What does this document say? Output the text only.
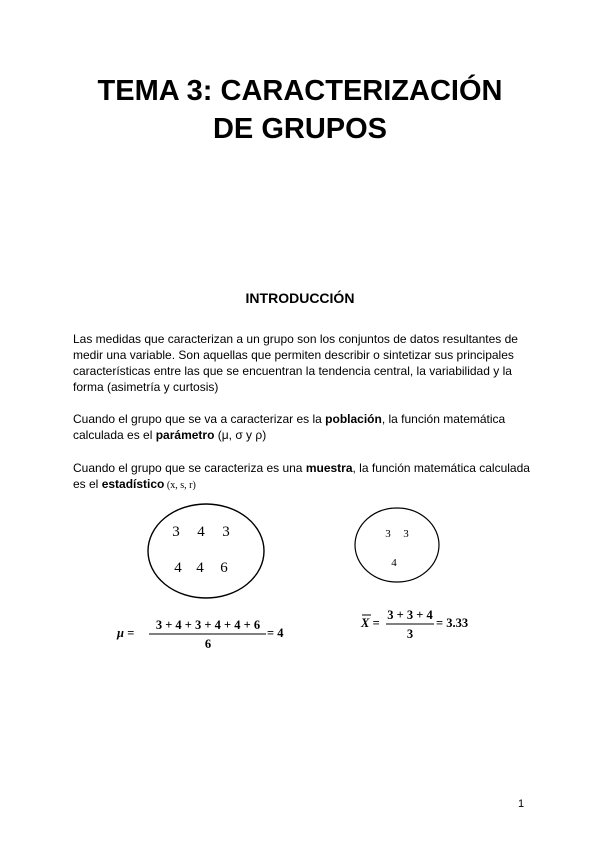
TEMA 3: CARACTERIZACIÓN
DE GRUPOS
INTRODUCCIÓN
Las medidas que caracterizan a un grupo son los conjuntos de datos resultantes de medir una variable. Son aquellas que permiten describir o sintetizar sus principales características entre las que se encuentran la tendencia central, la variabilidad y la forma (asimetría y curtosis)
Cuando el grupo que se va a caracterizar es la población, la función matemática calculada es el parámetro (μ, σ y ρ)
Cuando el grupo que se caracteriza es una muestra, la función matemática calculada es el estadístico (x, s, r)
3 4 3
4 4 6
3 3
4
μ =
3 + 4 + 3 + 4 + 4 + 6
6
= 4
X =
3 + 3 + 4
3
= 3.33
1
